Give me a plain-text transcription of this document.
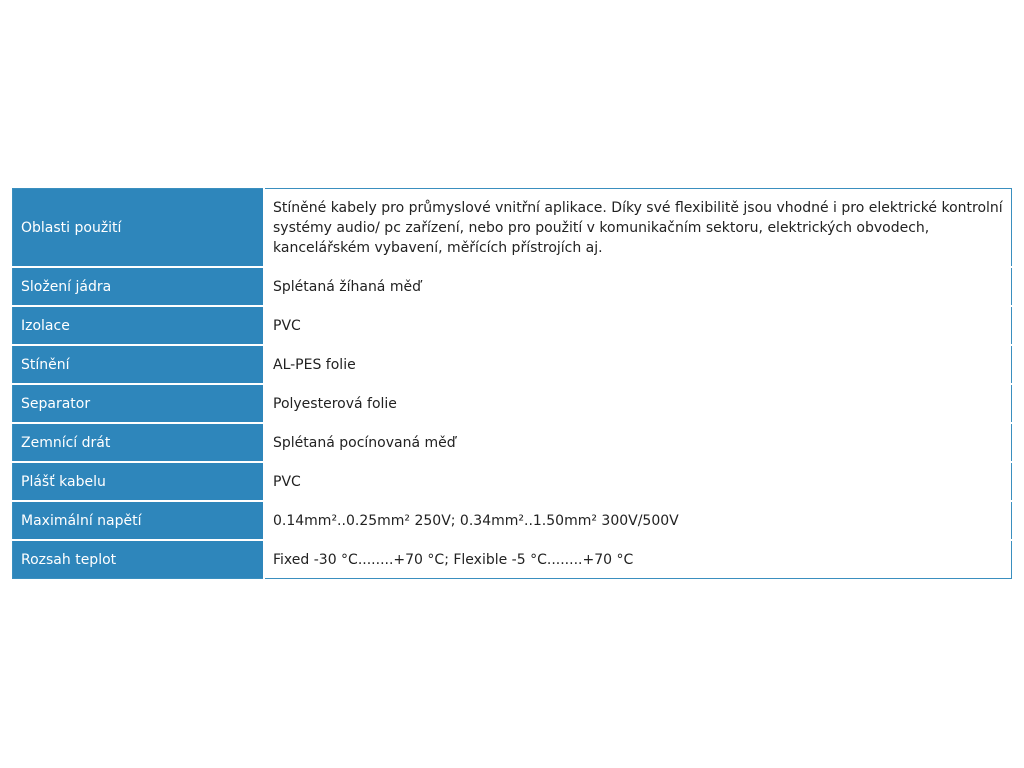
Oblasti použití	Stíněné kabely pro průmyslové vnitřní aplikace. Díky své flexibilitě jsou vhodné i pro elektrické kontrolní systémy audio/ pc zařízení, nebo pro použití v komunikačním sektoru, elektrických obvodech, kancelářském vybavení, měřících přístrojích aj.
Složení jádra	Splétaná žíhaná měď
Izolace	PVC
Stínění	AL-PES folie
Separator	Polyesterová folie
Zemnící drát	Splétaná pocínovaná měď
Plášť kabelu	PVC
Maximální napětí	0.14mm²..0.25mm² 250V; 0.34mm²..1.50mm² 300V/500V
Rozsah teplot	Fixed -30 °C........+70 °C; Flexible -5 °C........+70 °C
